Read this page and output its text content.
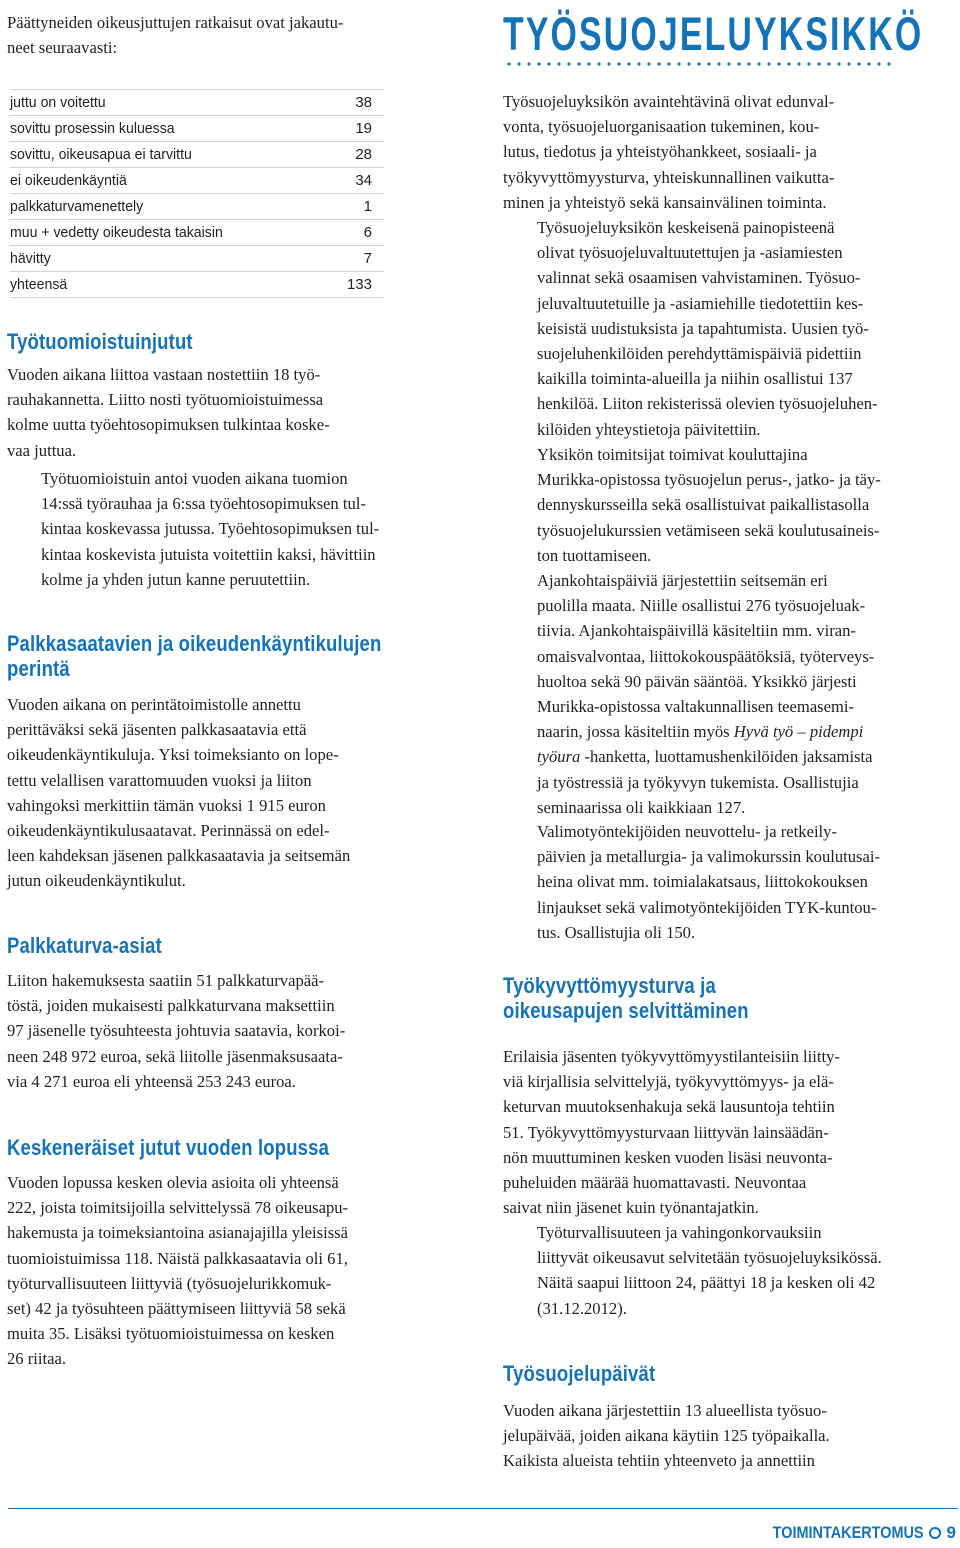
Päättyneiden oikeusjuttujen ratkaisut ovat jakautu-
neet seuraavasti:

juttu on voitettu	38
sovittu prosessin kuluessa	19
sovittu, oikeusapua ei tarvittu	28
ei oikeudenkäyntiä	34
palkkaturvamenettely	1
muu + vedetty oikeudesta takaisin	6
hävitty	7
yhteensä	133
Työtuomioistuinjutut

Vuoden aikana liittoa vastaan nostettiin 18 työ-
rauhakannetta. Liitto nosti työtuomioistuimessa
kolme uutta työehtosopimuksen tulkintaa koske-
vaa juttua.

Työtuomioistuin antoi vuoden aikana tuomion
14:ssä työrauhaa ja 6:ssa työehtosopimuksen tul-
kintaa koskevassa jutussa. Työehtosopimuksen tul-
kintaa koskevista jutuista voitettiin kaksi, hävittiin
kolme ja yhden jutun kanne peruutettiin.

Palkkasaatavien ja oikeudenkäyntikulujen
perintä

Vuoden aikana on perintätoimistolle annettu
perittäväksi sekä jäsenten palkkasaatavia että
oikeudenkäyntikuluja. Yksi toimeksianto on lope-
tettu velallisen varattomuuden vuoksi ja liiton
vahingoksi merkittiin tämän vuoksi 1 915 euron
oikeudenkäyntikulusaatavat. Perinnässä on edel-
leen kahdeksan jäsenen palkkasaatavia ja seitsemän
jutun oikeudenkäyntikulut.

Palkkaturva-asiat

Liiton hakemuksesta saatiin 51 palkkaturvapää-
töstä, joiden mukaisesti palkkaturvana maksettiin
97 jäsenelle työsuhteesta johtuvia saatavia, korkoi-
neen 248 972 euroa, sekä liitolle jäsenmaksusaata-
via 4 271 euroa eli yhteensä 253 243 euroa.

Keskeneräiset jutut vuoden lopussa

Vuoden lopussa kesken olevia asioita oli yhteensä
222, joista toimitsijoilla selvittelyssä 78 oikeusapu-
hakemusta ja toimeksiantoina asianajajilla yleisissä
tuomioistuimissa 118. Näistä palkkasaatavia oli 61,
työturvallisuuteen liittyviä (työsuojelurikkomuk-
set) 42 ja työsuhteen päättymiseen liittyviä 58 sekä
muita 35. Lisäksi työtuomioistuimessa on kesken
26 riitaa.

TYÖSUOJELUYKSIKKÖ

Työsuojeluyksikön avaintehtävinä olivat edunval-
vonta, työsuojeluorganisaation tukeminen, kou-
lutus, tiedotus ja yhteistyöhankkeet, sosiaali- ja
työkyvyttömyysturva, yhteiskunnallinen vaikutta-
minen ja yhteistyö sekä kansainvälinen toiminta.

Työsuojeluyksikön keskeisenä painopisteenä
olivat työsuojeluvaltuutettujen ja -asiamiesten
valinnat sekä osaamisen vahvistaminen. Työsuo-
jeluvaltuutetuille ja -asiamiehille tiedotettiin kes-
keisistä uudistuksista ja tapahtumista. Uusien työ-
suojeluhenkilöiden perehdyttämispäiviä pidettiin
kaikilla toiminta-alueilla ja niihin osallistui 137
henkilöä. Liiton rekisterissä olevien työsuojeluhen-
kilöiden yhteystietoja päivitettiin.

Yksikön toimitsijat toimivat kouluttajina
Murikka-opistossa työsuojelun perus-, jatko- ja täy-
dennyskursseilla sekä osallistuivat paikallistasolla
työsuojelukurssien vetämiseen sekä koulutusaineis-
ton tuottamiseen.

Ajankohtaispäiviä järjestettiin seitsemän eri
puolilla maata. Niille osallistui 276 työsuojeluak-
tiivia. Ajankohtaispäivillä käsiteltiin mm. viran-
omaisvalvontaa, liittokokouspäätöksiä, työterveys-
huoltoa sekä 90 päivän sääntöä. Yksikkö järjesti
Murikka-opistossa valtakunnallisen teemasemi-
naarin, jossa käsiteltiin myös Hyvä työ – pidempi
työura -hanketta, luottamushenkilöiden jaksamista
ja työstressiä ja työkyvyn tukemista. Osallistujia
seminaarissa oli kaikkiaan 127.

Valimotyöntekijöiden neuvottelu- ja retkeily-
päivien ja metallurgia- ja valimokurssin koulutusai-
heina olivat mm. toimialakatsaus, liittokokouksen
linjaukset sekä valimotyöntekijöiden TYK-kuntou-
tus. Osallistujia oli 150.

Työkyvyttömyysturva ja
oikeusapujen selvittäminen

Erilaisia jäsenten työkyvyttömyystilanteisiin liitty-
viä kirjallisia selvittelyjä, työkyvyttömyys- ja elä-
keturvan muutoksenhakuja sekä lausuntoja tehtiin
51. Työkyvyttömyysturvaan liittyvän lainsäädän-
nön muuttuminen kesken vuoden lisäsi neuvonta-
puheluiden määrää huomattavasti. Neuvontaa
saivat niin jäsenet kuin työnantajatkin.

Työturvallisuuteen ja vahingonkorvauksiin
liittyvät oikeusavut selvitetään työsuojeluyksikössä.
Näitä saapui liittoon 24, päättyi 18 ja kesken oli 42
(31.12.2012).

Työsuojelupäivät

Vuoden aikana järjestettiin 13 alueellista työsuo-
jelupäivää, joiden aikana käytiin 125 työpaikalla.
Kaikista alueista tehtiin yhteenveto ja annettiin

TOIMINTAKERTOMUS 9
